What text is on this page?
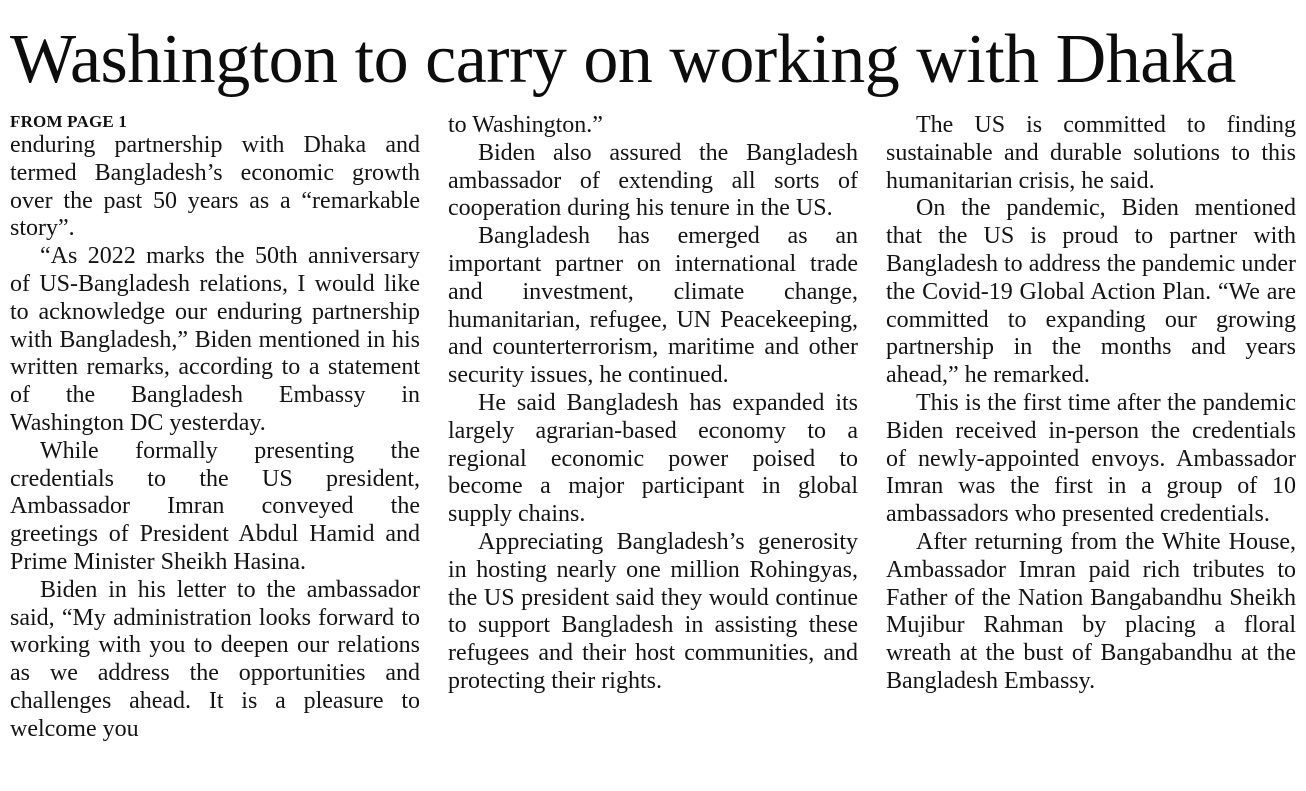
Washington to carry on working with Dhaka
FROM PAGE 1

enduring partnership with Dhaka and termed Bangladesh’s economic growth over the past 50 years as a “remarkable story”.

“As 2022 marks the 50th anniversary of US-Bangladesh relations, I would like to acknowledge our enduring partnership with Bangladesh,” Biden mentioned in his written remarks, according to a statement of the Bangladesh Embassy in Washington DC yesterday.

While formally presenting the credentials to the US president, Ambassador Imran conveyed the greetings of President Abdul Hamid and Prime Minister Sheikh Hasina.

Biden in his letter to the ambassador said, “My administration looks forward to working with you to deepen our relations as we address the opportunities and challenges ahead. It is a pleasure to welcome you

to Washington.”

Biden also assured the Bangladesh ambassador of extending all sorts of cooperation during his tenure in the US.

Bangladesh has emerged as an important partner on international trade and investment, climate change, humanitarian, refugee, UN Peacekeeping, and counterterrorism, maritime and other security issues, he continued.

He said Bangladesh has expanded its largely agrarian-based economy to a regional economic power poised to become a major participant in global supply chains.

Appreciating Bangladesh’s generosity in hosting nearly one million Rohingyas, the US president said they would continue to support Bangladesh in assisting these refugees and their host communities, and protecting their rights.

The US is committed to finding sustainable and durable solutions to this humanitarian crisis, he said.

On the pandemic, Biden mentioned that the US is proud to partner with Bangladesh to address the pandemic under the Covid-19 Global Action Plan. “We are committed to expanding our growing partnership in the months and years ahead,” he remarked.

This is the first time after the pandemic Biden received in-person the credentials of newly-appointed envoys. Ambassador Imran was the first in a group of 10 ambassadors who presented credentials.

After returning from the White House, Ambassador Imran paid rich tributes to Father of the Nation Bangabandhu Sheikh Mujibur Rahman by placing a floral wreath at the bust of Bangabandhu at the Bangladesh Embassy.
